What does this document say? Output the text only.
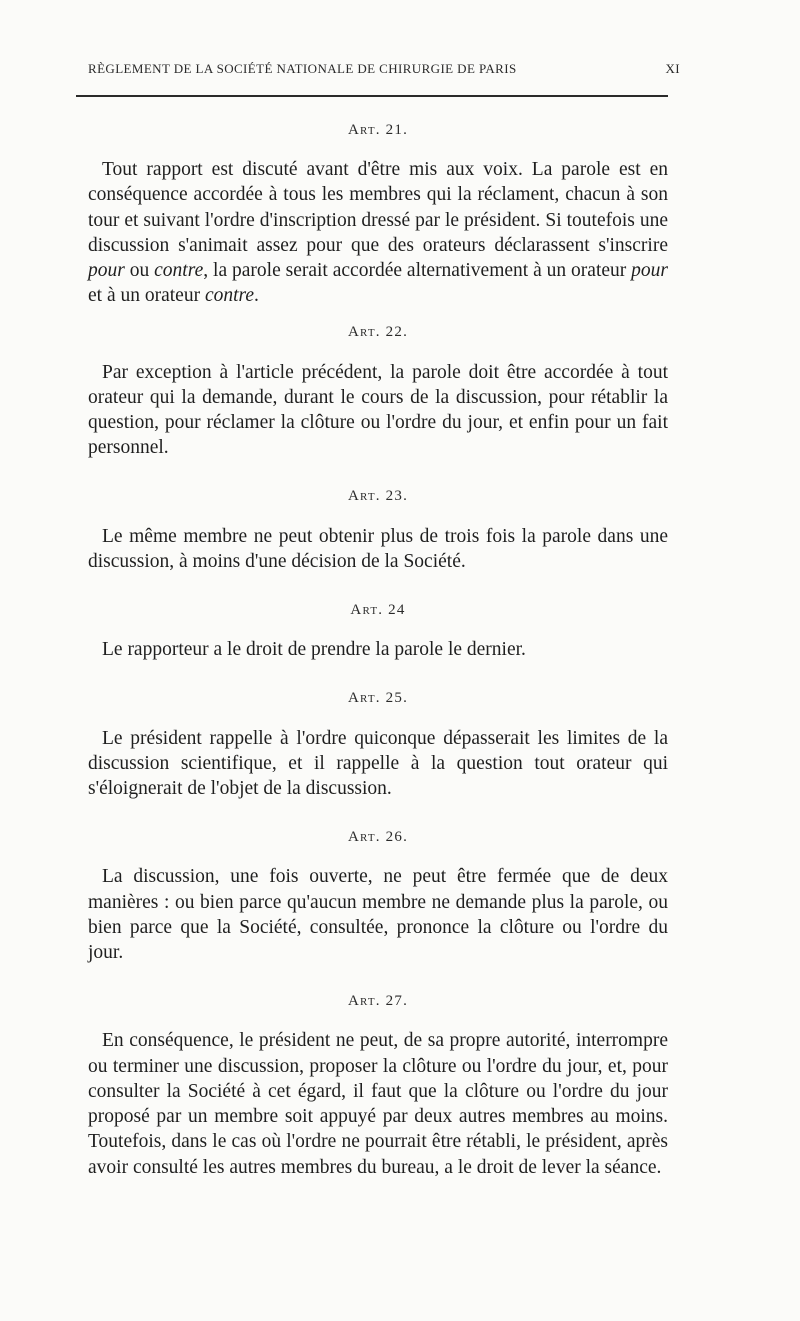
RÈGLEMENT DE LA SOCIÉTÉ NATIONALE DE CHIRURGIE DE PARIS	XI
Art. 21.

Tout rapport est discuté avant d'être mis aux voix. La parole est en conséquence accordée à tous les membres qui la réclament, chacun à son tour et suivant l'ordre d'inscription dressé par le président. Si toutefois une discussion s'animait assez pour que des orateurs déclarassent s'inscrire pour ou contre, la parole serait accordée alternativement à un orateur pour et à un orateur contre.

Art. 22.

Par exception à l'article précédent, la parole doit être accordée à tout orateur qui la demande, durant le cours de la discussion, pour rétablir la question, pour réclamer la clôture ou l'ordre du jour, et enfin pour un fait personnel.

Art. 23.

Le même membre ne peut obtenir plus de trois fois la parole dans une discussion, à moins d'une décision de la Société.

Art. 24

Le rapporteur a le droit de prendre la parole le dernier.

Art. 25.

Le président rappelle à l'ordre quiconque dépasserait les limites de la discussion scientifique, et il rappelle à la question tout orateur qui s'éloignerait de l'objet de la discussion.

Art. 26.

La discussion, une fois ouverte, ne peut être fermée que de deux manières : ou bien parce qu'aucun membre ne demande plus la parole, ou bien parce que la Société, consultée, prononce la clôture ou l'ordre du jour.

Art. 27.

En conséquence, le président ne peut, de sa propre autorité, interrompre ou terminer une discussion, proposer la clôture ou l'ordre du jour, et, pour consulter la Société à cet égard, il faut que la clôture ou l'ordre du jour proposé par un membre soit appuyé par deux autres membres au moins. Toutefois, dans le cas où l'ordre ne pourrait être rétabli, le président, après avoir consulté les autres membres du bureau, a le droit de lever la séance.
